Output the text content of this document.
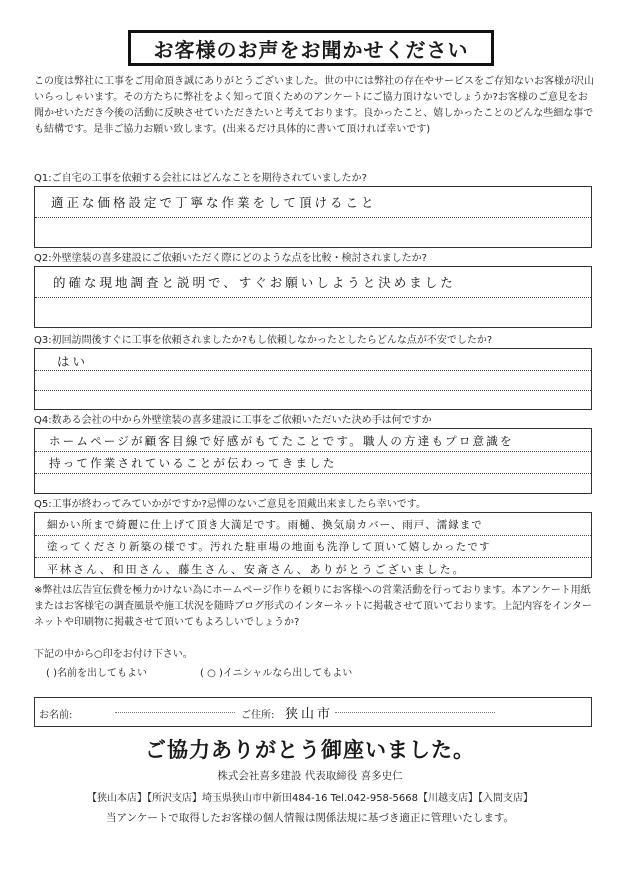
お客様のお声をお聞かせください
この度は弊社に工事をご用命頂き誠にありがとうございました。世の中には弊社の存在やサービスをご存知ないお客様が沢山いらっしゃいます。その方たちに弊社をよく知って頂くためのアンケートにご協力頂けないでしょうか?お客様のご意見をお聞かせいただき今後の活動に反映させていただきたいと考えております。良かったこと、嬉しかったことのどんな些細な事でも結構です。是非ご協力お願い致します。(出来るだけ具体的に書いて頂ければ幸いです)
Q1:ご自宅の工事を依頼する会社にはどんなことを期待されていましたか?
適正な価格設定で丁寧な作業をして頂けること
Q2:外壁塗装の喜多建設にご依頼いただく際にどのような点を比較・検討されましたか?
的確な現地調査と説明で、すぐお願いしようと決めました
Q3:初回訪問後すぐに工事を依頼されましたか?もし依頼しなかったとしたらどんな点が不安でしたか?
はい
Q4:数ある会社の中から外壁塗装の喜多建設に工事をご依頼いただいた決め手は何ですか
ホームページが顧客目線で好感がもてたことです。職人の方達もプロ意識を
持って作業されていることが伝わってきました
Q5:工事が終わってみていかがですか?忌憚のないご意見を頂戴出来ましたら幸いです。
細かい所まで綺麗に仕上げて頂き大満足です。雨樋、換気扇カバー、雨戸、濡縁まで
塗ってくださり新築の様です。汚れた駐車場の地面も洗浄して頂いて嬉しかったです
平林さん、和田さん、藤生さん、安斎さん、ありがとうございました。
※弊社は広告宣伝費を極力かけない為にホームページ作りを頼りにお客様への営業活動を行っております。本アンケート用紙またはお客様宅の調査風景や施工状況を随時ブログ形式のインターネットに掲載させて頂いております。上記内容をインターネットや印刷物に掲載させて頂いてもよろしいでしょうか?
下記の中から○印をお付け下さい。
( )名前を出してもよい	( ○ )イニシャルなら出してもよい
お名前:	ご住所: 狭山市
ご協力ありがとう御座いました。
株式会社喜多建設 代表取締役 喜多史仁
【狭山本店】【所沢支店】埼玉県狭山市中新田484-16 Tel.042-958-5668【川越支店】【入間支店】
当アンケートで取得したお客様の個人情報は関係法規に基づき適正に管理いたします。
